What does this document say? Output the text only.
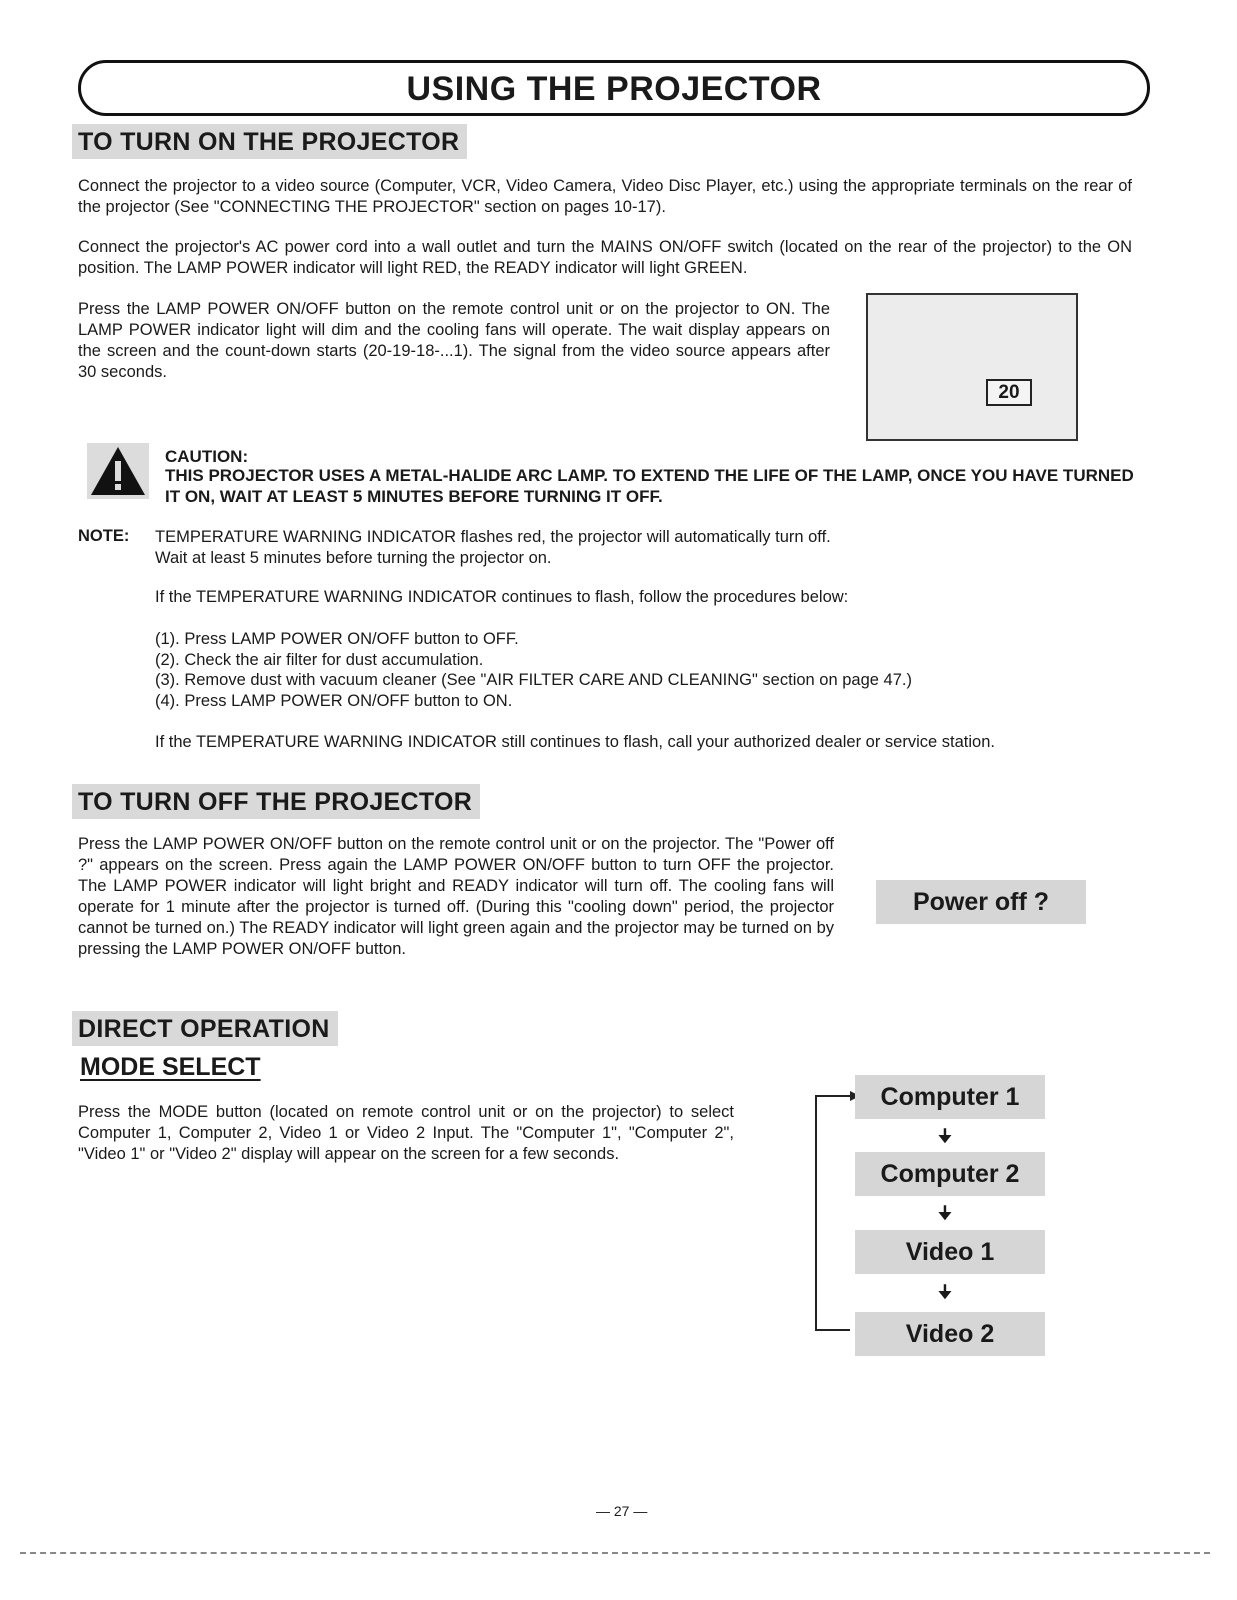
USING THE PROJECTOR
TO TURN ON THE PROJECTOR
Connect the projector to a video source (Computer, VCR, Video Camera, Video Disc Player, etc.) using the appropriate terminals on the rear of the projector (See "CONNECTING THE PROJECTOR" section on pages 10-17).
Connect the projector's AC power cord into a wall outlet and turn the MAINS ON/OFF switch (located on the rear of the projector) to the ON position. The LAMP POWER indicator will light RED, the READY indicator will light GREEN.
Press the LAMP POWER ON/OFF button on the remote control unit or on the projector to ON. The LAMP POWER indicator light will dim and the cooling fans will operate. The wait display appears on the screen and the count-down starts (20-19-18-...1). The signal from the video source appears after 30 seconds.
20
CAUTION:
THIS PROJECTOR USES A METAL-HALIDE ARC LAMP. TO EXTEND THE LIFE OF THE LAMP, ONCE YOU HAVE TURNED IT ON, WAIT AT LEAST 5 MINUTES BEFORE TURNING IT OFF.
NOTE: TEMPERATURE WARNING INDICATOR flashes red, the projector will automatically turn off.
Wait at least 5 minutes before turning the projector on.
If the TEMPERATURE WARNING INDICATOR continues to flash, follow the procedures below:
(1). Press LAMP POWER ON/OFF button to OFF.
(2). Check the air filter for dust accumulation.
(3). Remove dust with vacuum cleaner (See "AIR FILTER CARE AND CLEANING" section on page 47.)
(4). Press LAMP POWER ON/OFF button to ON.
If the TEMPERATURE WARNING INDICATOR still continues to flash, call your authorized dealer or service station.
TO TURN OFF THE PROJECTOR
Press the LAMP POWER ON/OFF button on the remote control unit or on the projector. The "Power off ?" appears on the screen. Press again the LAMP POWER ON/OFF button to turn OFF the projector. The LAMP POWER indicator will light bright and READY indicator will turn off. The cooling fans will operate for 1 minute after the projector is turned off. (During this "cooling down" period, the projector cannot be turned on.) The READY indicator will light green again and the projector may be turned on by pressing the LAMP POWER ON/OFF button.
Power off ?
DIRECT OPERATION
MODE SELECT
Press the MODE button (located on remote control unit or on the projector) to select Computer 1, Computer 2, Video 1 or Video 2 Input. The "Computer 1", "Computer 2", "Video 1" or "Video 2" display will appear on the screen for a few seconds.
Computer 1
🠋
Computer 2
🠋
Video 1
🠋
Video 2
— 27 —
